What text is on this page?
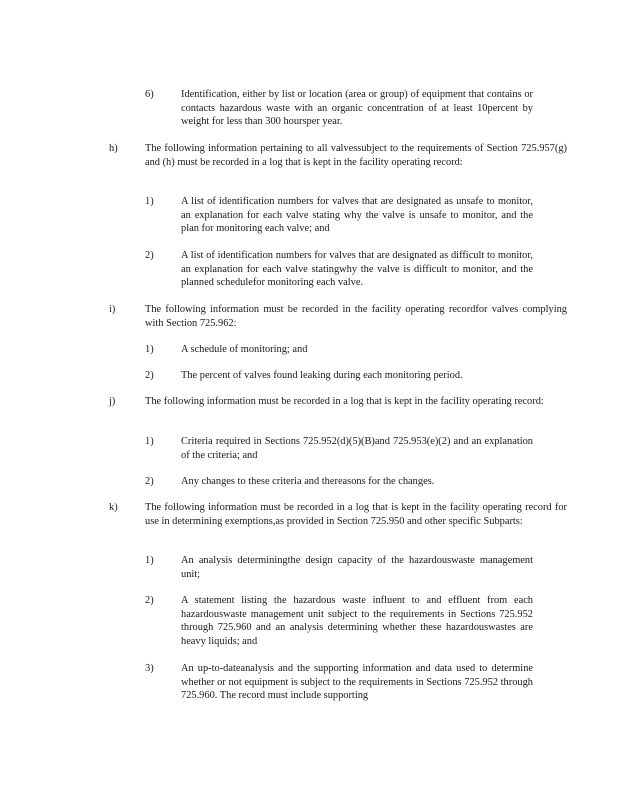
6)	Identification, either by list or location (area or group) of equipment that contains or contacts hazardous waste with an organic concentration of at least 10percent by weight for less than 300 hoursper year.
h)	The following information pertaining to all valvessubject to the requirements of Section 725.957(g) and (h) must be recorded in a log that is kept in the facility operating record:
1)	A list of identification numbers for valves that are designated as unsafe to monitor, an explanation for each valve stating why the valve is unsafe to monitor, and the plan for monitoring each valve; and
2)	A list of identification numbers for valves that are designated as difficult to monitor, an explanation for each valve statingwhy the valve is difficult to monitor, and the planned schedulefor monitoring each valve.
i)	The following information must be recorded in the facility operating recordfor valves complying with Section 725.962:
1)	A schedule of monitoring; and
2)	The percent of valves found leaking during each monitoring period.
j)	The following information must be recorded in a log that is kept in the facility operating record:
1)	Criteria required in Sections 725.952(d)(5)(B)and 725.953(e)(2) and an explanation of the criteria; and
2)	Any changes to these criteria and thereasons for the changes.
k)	The following information must be recorded in a log that is kept in the facility operating record for use in determining exemptions,as provided in Section 725.950 and other specific Subparts:
1)	An analysis determiningthe design capacity of the hazardouswaste management unit;
2)	A statement listing the hazardous waste influent to and effluent from each hazardouswaste management unit subject to the requirements in Sections 725.952 through 725.960 and an analysis determining whether these hazardouswastes are heavy liquids; and
3)	An up-to-dateanalysis and the supporting information and data used to determine whether or not equipment is subject to the requirements in Sections 725.952 through 725.960. The record must include supporting
